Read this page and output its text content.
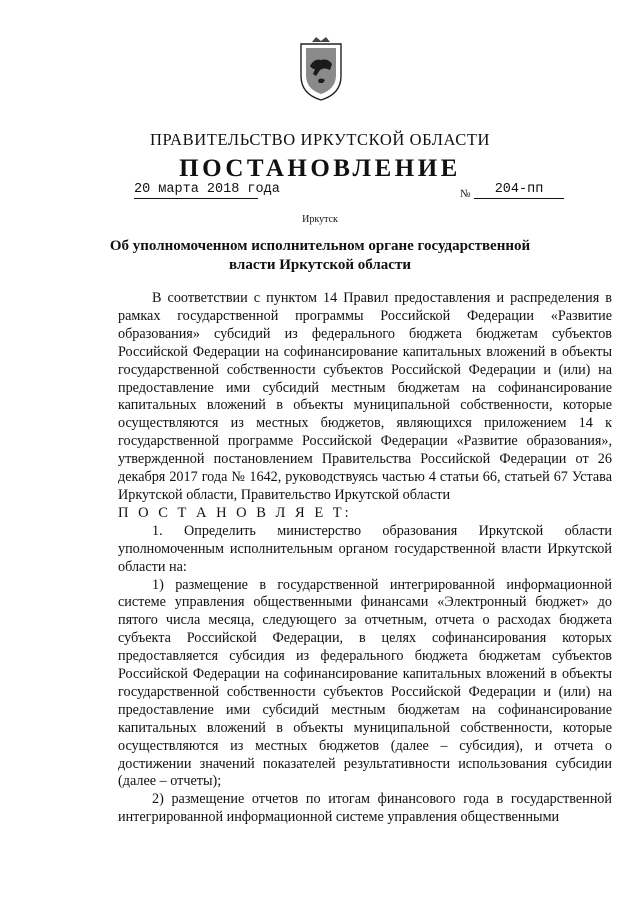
ПРАВИТЕЛЬСТВО ИРКУТСКОЙ ОБЛАСТИ
ПОСТАНОВЛЕНИЕ
20 марта 2018 года	№	204-пп
Иркутск
Об уполномоченном исполнительном органе государственной власти Иркутской области

В соответствии с пунктом 14 Правил предоставления и распределения в рамках государственной программы Российской Федерации «Развитие образования» субсидий из федерального бюджета бюджетам субъектов Российской Федерации на софинансирование капитальных вложений в объекты государственной собственности субъектов Российской Федерации и (или) на предоставление ими субсидий местным бюджетам на софинансирование капитальных вложений в объекты муниципальной собственности, которые осуществляются из местных бюджетов, являющихся приложением 14 к государственной программе Российской Федерации «Развитие образования», утвержденной постановлением Правительства Российской Федерации от 26 декабря 2017 года № 1642, руководствуясь частью 4 статьи 66, статьей 67 Устава Иркутской области, Правительство Иркутской области

П О С Т А Н О В Л Я Е Т:

1. Определить министерство образования Иркутской области уполномоченным исполнительным органом государственной власти Иркутской области на:

1) размещение в государственной интегрированной информационной системе управления общественными финансами «Электронный бюджет» до пятого числа месяца, следующего за отчетным, отчета о расходах бюджета субъекта Российской Федерации, в целях софинансирования которых предоставляется субсидия из федерального бюджета бюджетам субъектов Российской Федерации на софинансирование капитальных вложений в объекты государственной собственности субъектов Российской Федерации и (или) на предоставление ими субсидий местным бюджетам на софинансирование капитальных вложений в объекты муниципальной собственности, которые осуществляются из местных бюджетов (далее – субсидия), и отчета о достижении значений показателей результативности использования субсидии (далее – отчеты);

2) размещение отчетов по итогам финансового года в государственной интегрированной информационной системе управления общественными
